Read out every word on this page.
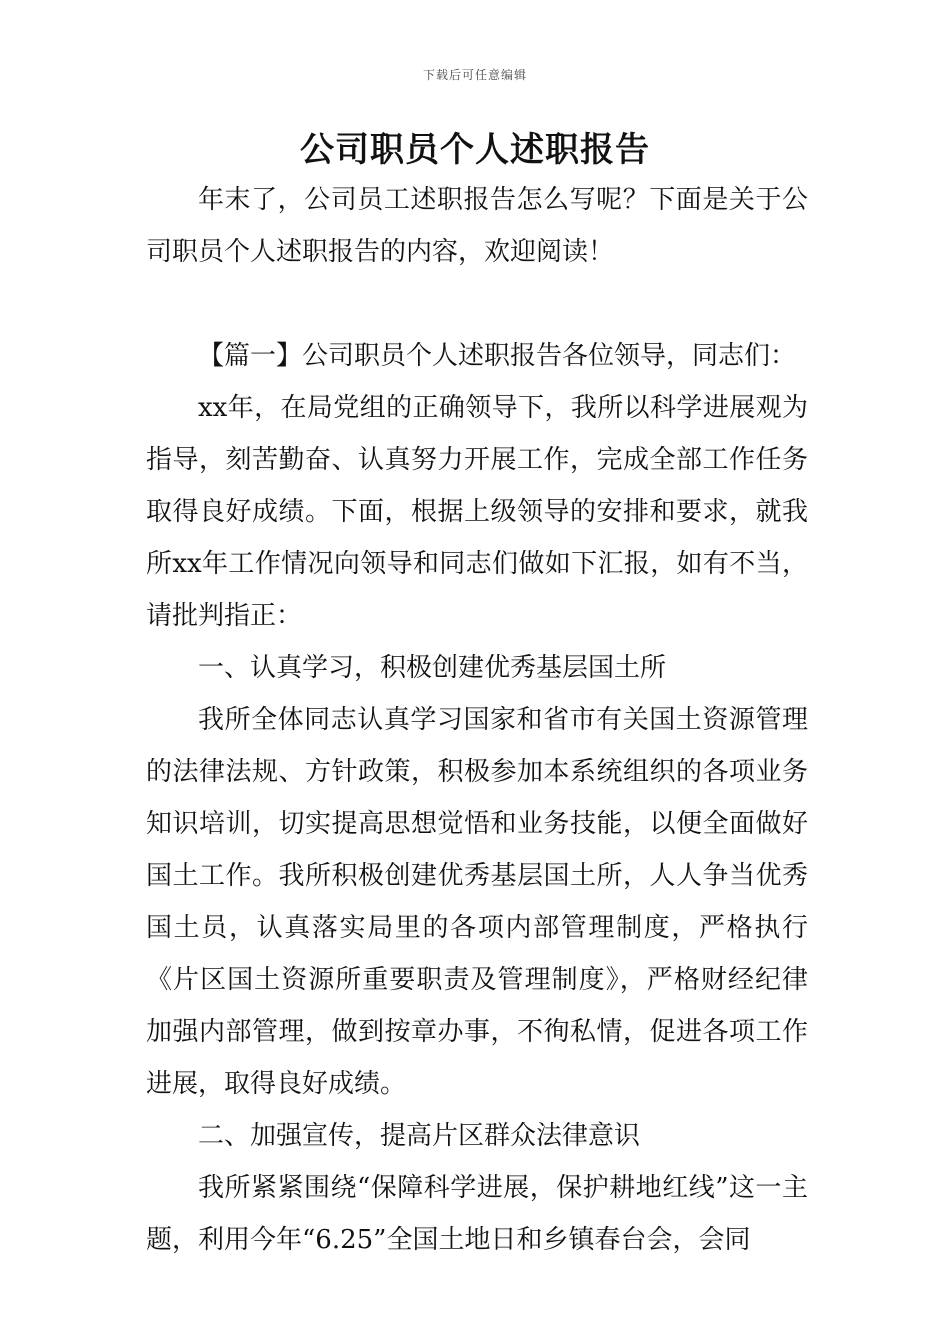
下载后可任意编辑
公司职员个人述职报告

年末了，公司员工述职报告怎么写呢？下面是关于公司职员个人述职报告的内容，欢迎阅读！

【篇一】公司职员个人述职报告各位领导，同志们：

xx年，在局党组的正确领导下，我所以科学进展观为指导，刻苦勤奋、认真努力开展工作，完成全部工作任务取得良好成绩。下面，根据上级领导的安排和要求，就我所xx年工作情况向领导和同志们做如下汇报，如有不当，请批判指正：

一、认真学习，积极创建优秀基层国土所

我所全体同志认真学习国家和省市有关国土资源管理的法律法规、方针政策，积极参加本系统组织的各项业务知识培训，切实提高思想觉悟和业务技能，以便全面做好国土工作。我所积极创建优秀基层国土所，人人争当优秀国土员，认真落实局里的各项内部管理制度，严格执行《片区国土资源所重要职责及管理制度》，严格财经纪律加强内部管理，做到按章办事，不徇私情，促进各项工作进展，取得良好成绩。

二、加强宣传，提高片区群众法律意识

我所紧紧围绕“保障科学进展，保护耕地红线”这一主题，利用今年“6.25”全国土地日和乡镇春台会，会同
